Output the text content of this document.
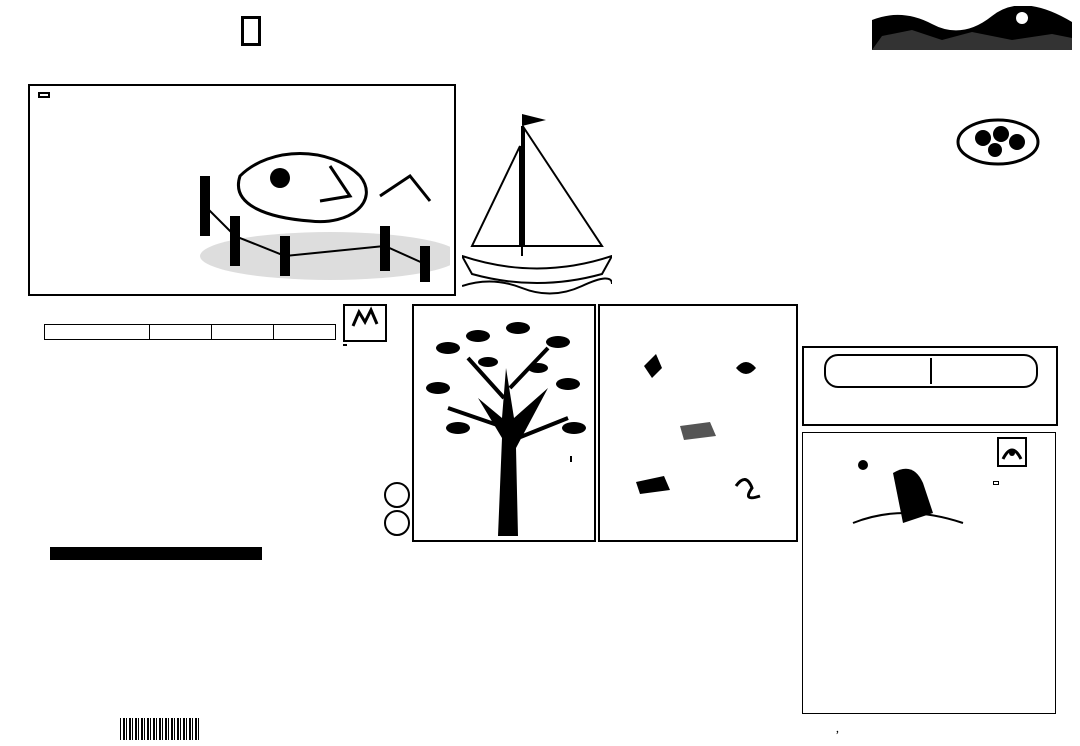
，
